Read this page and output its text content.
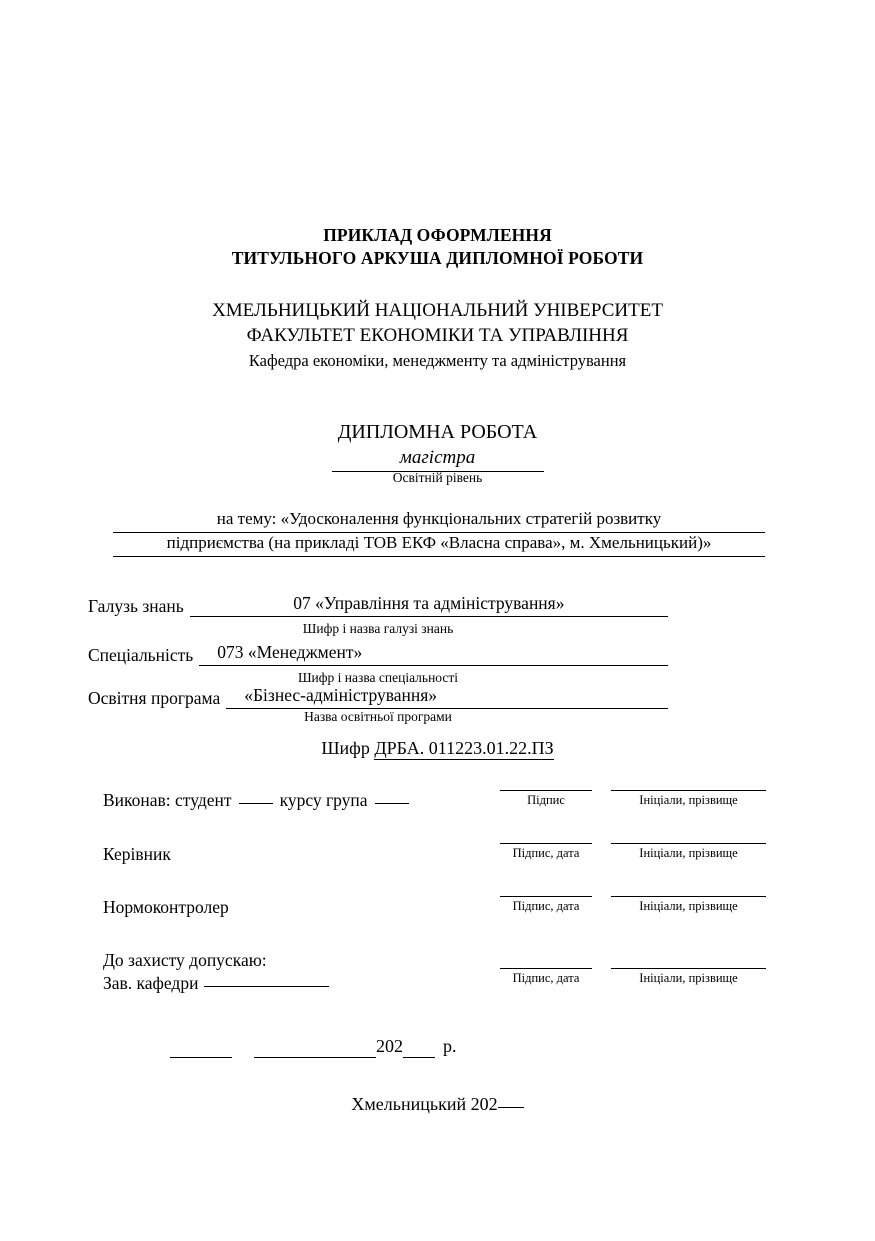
ПРИКЛАД ОФОРМЛЕННЯ
ТИТУЛЬНОГО АРКУША ДИПЛОМНОЇ РОБОТИ
ХМЕЛЬНИЦЬКИЙ НАЦІОНАЛЬНИЙ УНІВЕРСИТЕТ
ФАКУЛЬТЕТ ЕКОНОМІКИ ТА УПРАВЛІННЯ
Кафедра економіки, менеджменту та адміністрування
ДИПЛОМНА РОБОТА
магістра
Освітній рівень
на тему: «Удосконалення функціональних стратегій розвитку
підприємства (на прикладі ТОВ ЕКФ «Власна справа», м. Хмельницький)»
Галузь знань	07 «Управління та адміністрування»
Шифр і назва галузі знань
Спеціальність	073 «Менеджмент»
Шифр і назва спеціальності
Освітня програма	«Бізнес-адміністрування»
Назва освітньої програми
Шифр ДРБА. 011223.01.22.ПЗ
Виконав: студент	курсу група	Підпис	Ініціали, прізвище
Керівник	Підпис, дата	Ініціали, прізвище
Нормоконтролер	Підпис, дата	Ініціали, прізвище
До захисту допускаю:
Зав. кафедри	Підпис, дата	Ініціали, прізвище
202	р.
Хмельницький 202
